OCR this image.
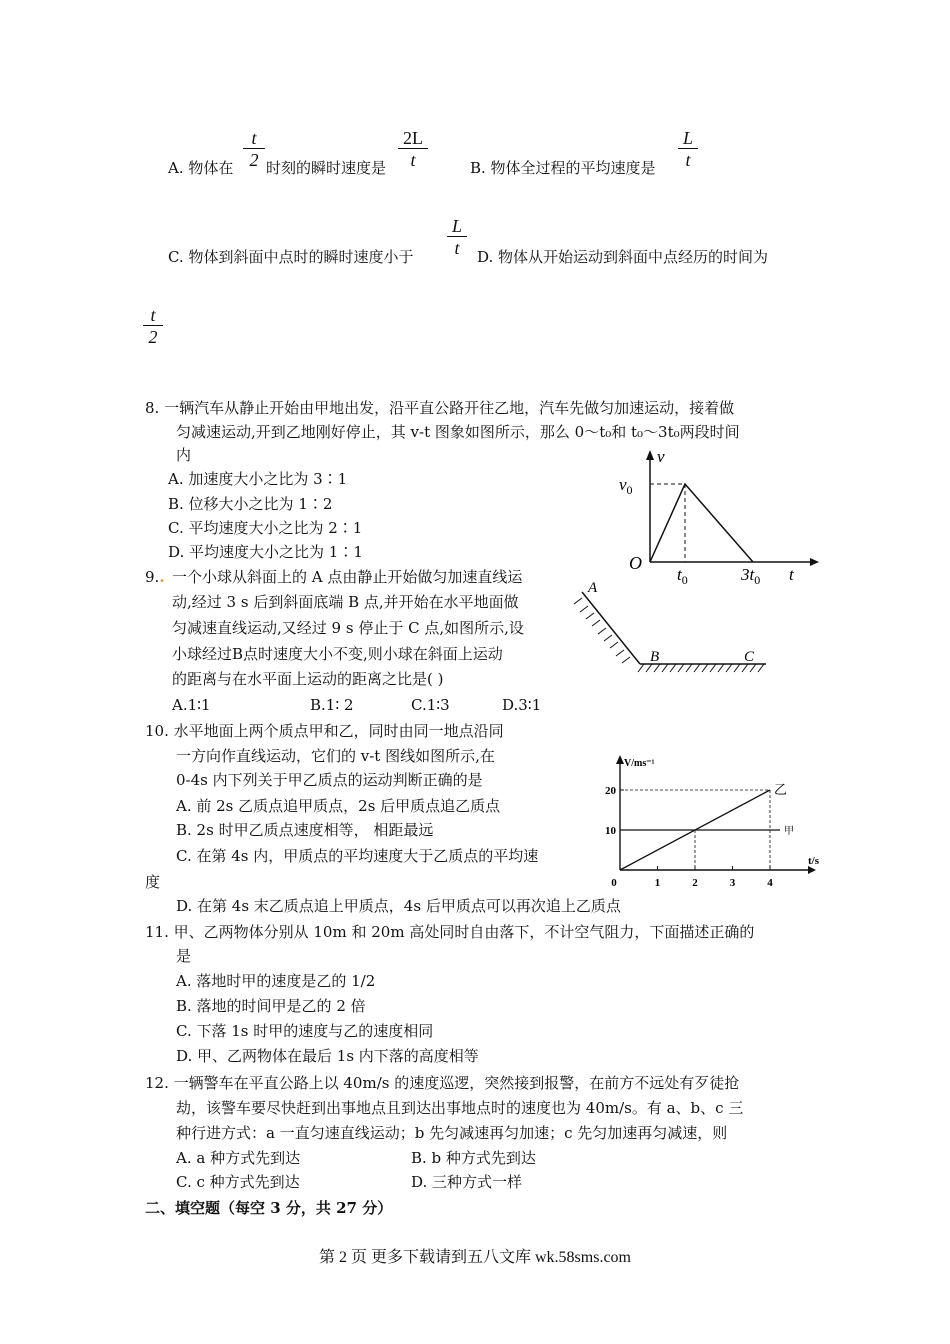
A. 物体在 $\frac{t}{2}$ 时刻的瞬时速度是 $\frac{2L}{t}$	B. 物体全过程的平均速度是 $\frac{L}{t}$
C. 物体到斜面中点时的瞬时速度小于 $\frac{L}{t} D$. 物体从开始运动到斜面中点经历的时间为
$\frac{t}{2}$
8. 一辆汽车从静止开始由甲地出发，沿平直公路开往乙地，汽车先做匀加速运动，接着做
匀减速运动,开到乙地刚好停止，其 v-t 图象如图所示，那么 0～t₀和 t₀～3t₀两段时间
内
A. 加速度大小之比为 3∶1
B. 位移大小之比为 1∶2
C. 平均速度大小之比为 2∶1
D. 平均速度大小之比为 1∶1
v
$v_0$
O
$t_0$	$3t_0$ t
9.. 一个小球从斜面上的 A 点由静止开始做匀加速直线运
动,经过 3 s 后到斜面底端 B 点,并开始在水平地面做
匀减速直线运动,又经过 9 s 停止于 C 点,如图所示,设
小球经过B点时速度大小不变,则小球在斜面上运动
的距离与在水平面上运动的距离之比是( )
A.1∶1	B.1∶ 2	C.1∶3	D.3∶1
A
B	C
10. 水平地面上两个质点甲和乙，同时由同一地点沿同
一方向作直线运动，它们的 v-t 图线如图所示,在
0-4s 内下列关于甲乙质点的运动判断正确的是
A. 前 2s 乙质点追甲质点，2s 后甲质点追乙质点
B. 2s 时甲乙质点速度相等， 相距最远
C. 在第 4s 内，甲质点的平均速度大于乙质点的平均速
度
D. 在第 4s 末乙质点追上甲质点，4s 后甲质点可以再次追上乙质点
V/ms⁻¹
t/s
20
10
0	1	2	3	4
甲
乙
11. 甲、乙两物体分别从 10m 和 20m 高处同时自由落下，不计空气阻力，下面描述正确的
是
A. 落地时甲的速度是乙的 1/2
B. 落地的时间甲是乙的 2 倍
C. 下落 1s 时甲的速度与乙的速度相同
D. 甲、乙两物体在最后 1s 内下落的高度相等
12. 一辆警车在平直公路上以 40m/s 的速度巡逻，突然接到报警，在前方不远处有歹徒抢
劫，该警车要尽快赶到出事地点且到达出事地点时的速度也为 40m/s。有 a、b、c 三
种行进方式：a 一直匀速直线运动；b 先匀减速再匀加速；c 先匀加速再匀减速，则
A. a 种方式先到达	B. b 种方式先到达
C. c 种方式先到达	D. 三种方式一样
二、填空题（每空 3 分，共 27 分）
第 2 页 更多下载请到五八文库 wk.58sms.com
